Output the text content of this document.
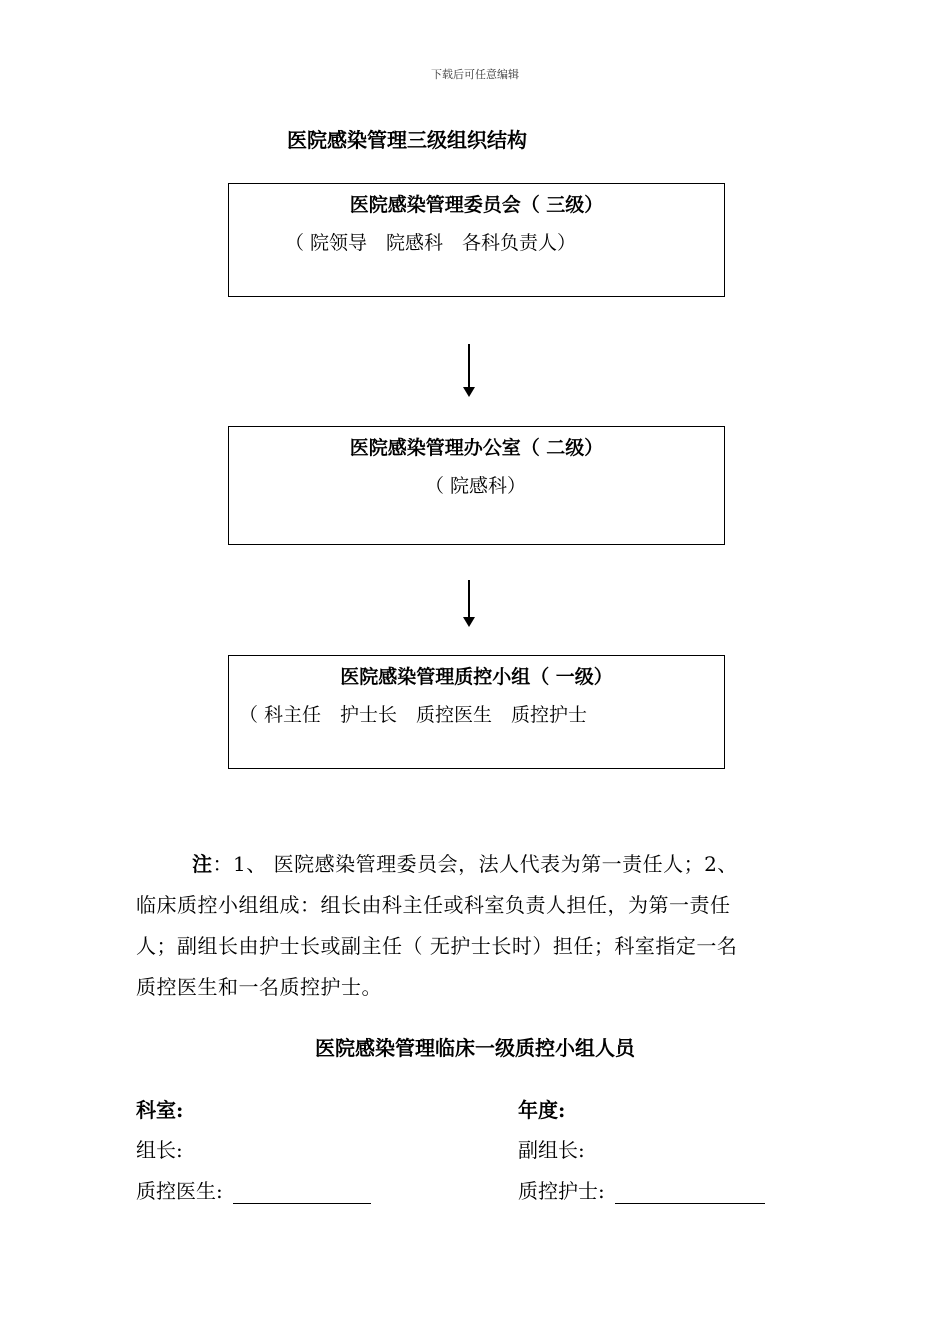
下载后可任意编辑
医院感染管理三级组织结构
医院感染管理委员会（ 三级）
（ 院领导　院感科　各科负责人）
医院感染管理办公室（ 二级）
（ 院感科）
医院感染管理质控小组（ 一级）
（ 科主任　护士长　质控医生　质控护士
注：1、 医院感染管理委员会，法人代表为第一责任人；2、
临床质控小组组成：组长由科主任或科室负责人担任，为第一责任
人；副组长由护士长或副主任（ 无护士长时）担任；科室指定一名
质控医生和一名质控护士。
医院感染管理临床一级质控小组人员
科室:	年度:
组长:	副组长:
质控医生:	质控护士:
